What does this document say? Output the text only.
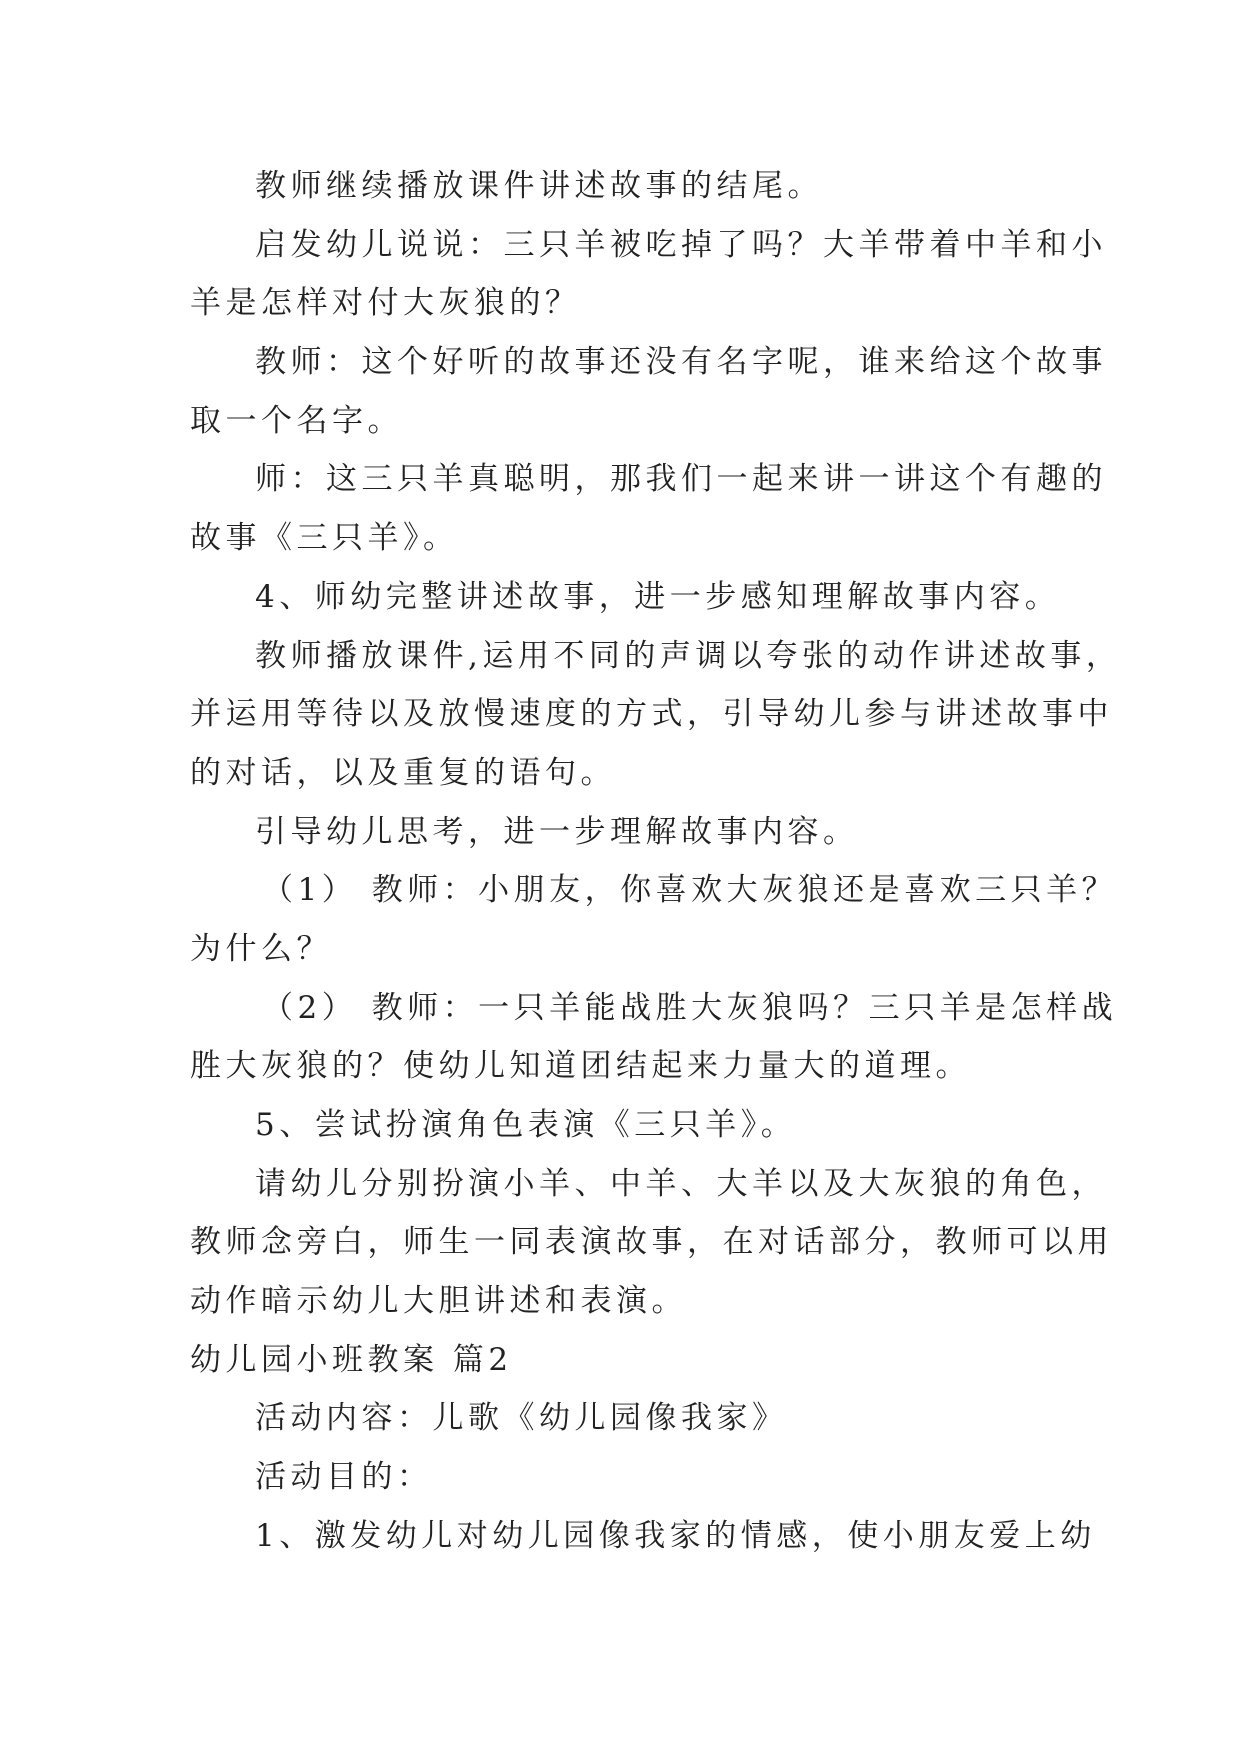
教师继续播放课件讲述故事的结尾。
启发幼儿说说：三只羊被吃掉了吗？大羊带着中羊和小
羊是怎样对付大灰狼的？
教师：这个好听的故事还没有名字呢，谁来给这个故事
取一个名字。
师：这三只羊真聪明，那我们一起来讲一讲这个有趣的
故事《三只羊》。
4、师幼完整讲述故事，进一步感知理解故事内容。
教师播放课件,运用不同的声调以夸张的动作讲述故事，
并运用等待以及放慢速度的方式，引导幼儿参与讲述故事中
的对话，以及重复的语句。
引导幼儿思考，进一步理解故事内容。
（1） 教师：小朋友，你喜欢大灰狼还是喜欢三只羊？
为什么？
（2） 教师：一只羊能战胜大灰狼吗？三只羊是怎样战
胜大灰狼的？使幼儿知道团结起来力量大的道理。
5、尝试扮演角色表演《三只羊》。
请幼儿分别扮演小羊、中羊、大羊以及大灰狼的角色，
教师念旁白，师生一同表演故事，在对话部分，教师可以用
动作暗示幼儿大胆讲述和表演。
幼儿园小班教案 篇2
活动内容：儿歌《幼儿园像我家》
活动目的：
1、激发幼儿对幼儿园像我家的情感，使小朋友爱上幼
